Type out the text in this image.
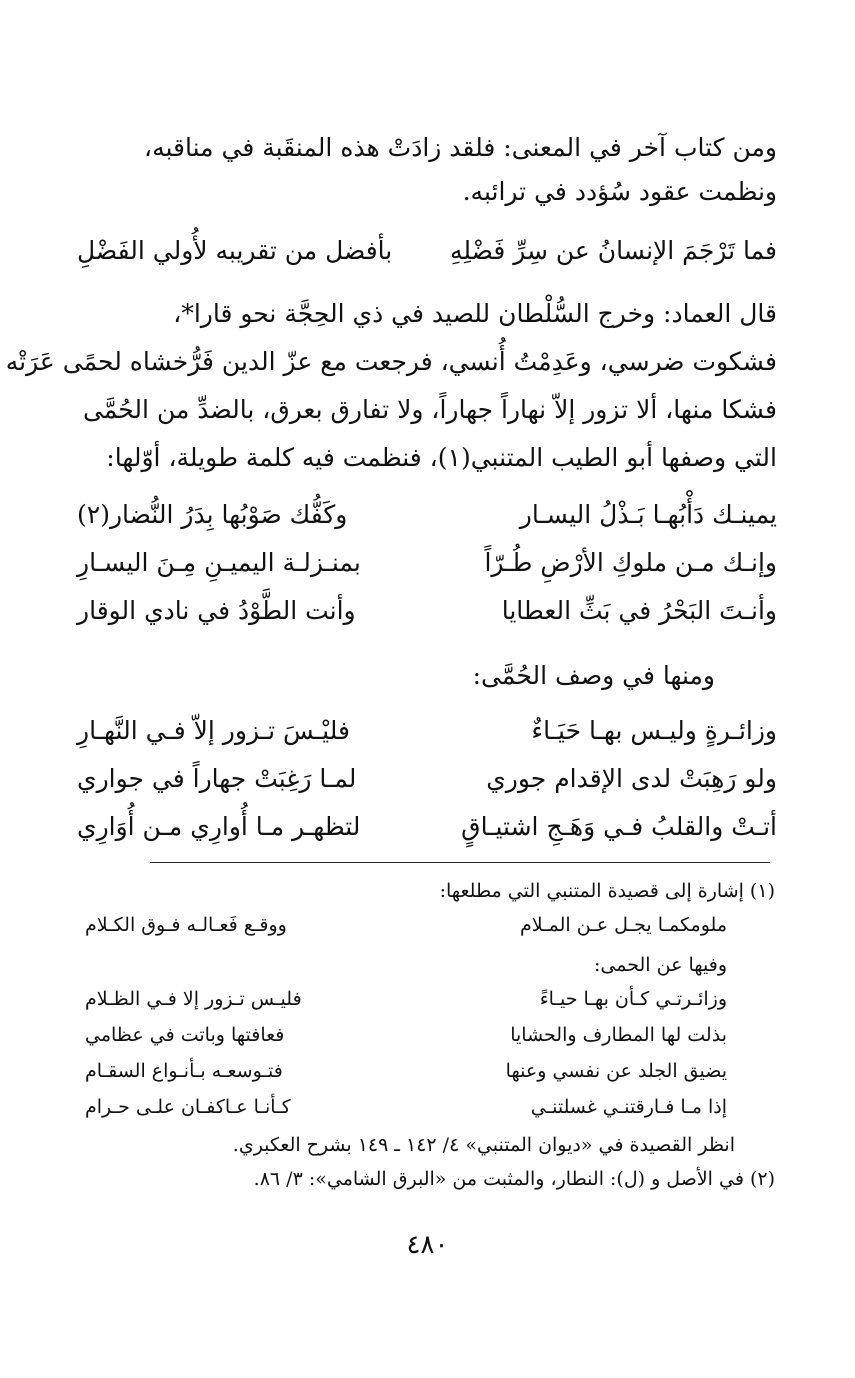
ومن كتاب آخر في المعنى: فلقد زادَتْ هذه المنقَبة في مناقبه،
ونظمت عقود سُؤدد في ترائبه.
فما تَرْجَمَ الإنسانُ عن سِرِّ فَضْلِهِ
بأفضل من تقريبه لأُولي الفَضْلِ
قال العماد: وخرج السُّلْطان للصيد في ذي الحِجَّة نحو قارا*،
فشكوت ضرسي، وعَدِمْتُ أُنسي، فرجعت مع عزّ الدين فَرُّخشاه لحمًى عَرَتْه
فشكا منها، ألا تزور إلاّ نهاراً جهاراً، ولا تفارق بعرق، بالضدِّ من الحُمَّى
التي وصفها أبو الطيب المتنبي(١)، فنظمت فيه كلمة طويلة، أوّلها:
يمينـك دَأْبُهـا بَـذْلُ اليسـار
وكَفُّك صَوْبُها بِدَرُ النُّضار(٢)
وإنـك مـن ملوكِ الأرْضِ طُـرّاً
بمنـزلـة اليميـنِ مِـنَ اليسـارِ
وأنـتَ البَحْرُ في بَثِّ العطايا
وأنت الطَّوْدُ في نادي الوقار
ومنها في وصف الحُمَّى:
وزائـرةٍ وليـس بهـا حَيَـاءٌ
فليْـسَ تـزور إلاّ فـي النَّهـارِ
ولو رَهِبَتْ لدى الإقدام جوري
لمـا رَغِبَتْ جهاراً في جواري
أتـتْ والقلبُ فـي وَهَـجِ اشتيـاقٍ
لتظهـر مـا أُوارِي مـن أُوَارِي
(١) إشارة إلى قصيدة المتنبي التي مطلعها:
ملومكمـا يجـل عـن المـلام
ووقـع فَعـالـه فـوق الكـلام
وفيها عن الحمى:
وزائـرتـي كـأن بهـا حيـاءً
فليـس تـزور إلا فـي الظـلام
بذلت لها المطارف والحشايا
فعافتها وباتت في عظامي
يضيق الجلد عن نفسي وعنها
فتـوسعـه بـأنـواع السقـام
إذا مـا فـارقتنـي غسلتنـي
كـأنـا عـاكفـان علـى حـرام
انظر القصيدة في «ديوان المتنبي» ٤/ ١٤٢ ـ ١٤٩ بشرح العكبري.
(٢) في الأصل و (ل): النطار، والمثبت من «البرق الشامي»: ٣/ ٨٦.
٤٨٠
